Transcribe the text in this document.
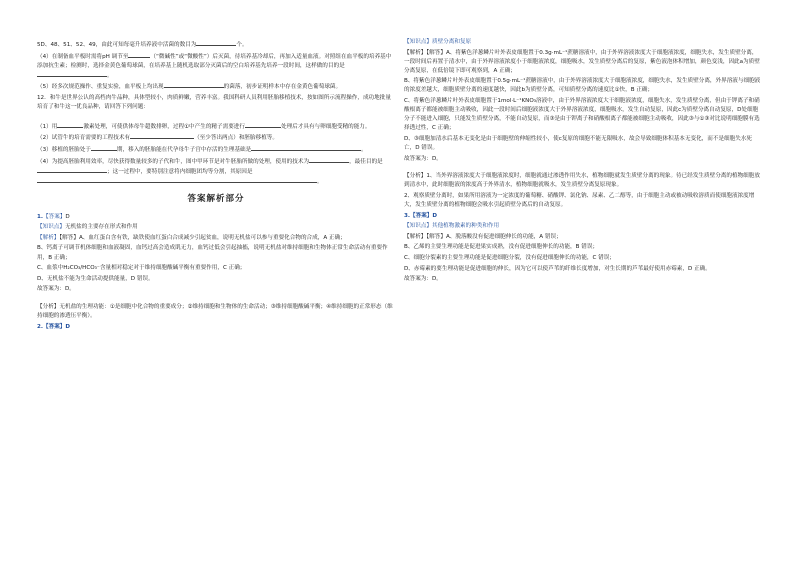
5D、48、51、52、49，由此可知每毫升培养液中活菌的数目为	个。

（4）在制备血平板时需将pH 调节至	（“微碱性”或“微酸性”）后灭菌，待培养基冷却后，再加入适量血液。对照组在血平板的培养基中添加抗生素；检测时，选择金黄色葡萄球菌，在培养基上随机选取部分灭菌后的空白培养基先培养一段时间，这样做的目的是。

（5）经多次规范操作、重复实验，血平板上均出现	的菌落，初步证明样本中存在金黄色葡萄球菌。

12．和牛是世界公认的高档肉牛品种，具体型较小，肉质鲜嫩，营养丰富。我国科研人员利用胚胎移植技术，按如图所示流程操作，成功地批量培育了和牛这一优良品种，请回答下列问题：

（1）用	激素处理，可使供体母牛超数排卵，过程①中产生的精子需要进行	处理后才具有与卵细胞受精的能力。

（2）试管牛的培育需要的工程技术有	（至少答出两点）和胚胎移植等。

（3）移植的胚胎处于	期，移入的胚胎能在代孕母牛子宫中存活的生理基础是	。

（4）为提高胚胎利用效率，尽快获得数量较多的子代和牛，图中甲环节是对牛胚胎所做的处理，使用的技术为	，最佳目的是；这一过程中，要特别注意将内细胞团均等分割，其原因是。

答案解析部分

1.【答案】D

【知识点】无机盐的主要存在形式和作用

【解析】【解答】A、血红蛋白含有铁，缺铁使血红蛋白合成减少引起贫血，说明无机盐可以参与重要化合物的合成，A 正确；

B、钙离子可调节机体细胞和血液凝固，血钙过高会造成肌无力，血钙过低会引起抽搐，说明无机盐对维持细胞和生物体正常生命活动有重要作用，B 正确；

C、血浆中H₂CO₃/HCO₃⁻含量相对稳定对于维持细胞酸碱平衡有重要作用，C 正确；

D、无机盐不能为生命活动提供能量，D 错误。

故答案为：D。

【分析】无机盐的生理功能：①是细胞中化合物的重要成分；②维持细胞和生物体的生命活动；③维持细胞酸碱平衡；④维持细胞的正常形态（维持细胞的渗透压平衡）。

2.【答案】D

【知识点】质壁分离和复原

【解析】【解答】A、将紫色洋葱鳞片叶外表皮细胞置于0.3g·mL⁻¹蔗糖溶液中，由于外界溶液浓度大于细胞液浓度，细胞失水，发生质壁分离，一段时间后再置于清水中，由于外界溶液浓度小于细胞液浓度，细胞吸水，发生质壁分离后的复原，紫色液泡体积增加，颜色变浅，因此a为质壁分离复原，在低倍镜下即可观察到，A 正确；

B、将紫色洋葱鳞片叶外表皮细胞置于0.5g·mL⁻¹蔗糖溶液中，由于外界溶液浓度大于细胞液浓度，细胞失水，发生质壁分离，外界溶液与细胞液的浓度差越大，细胞质壁分离的速度越快，因此b为质壁分离，可知质壁分离的速度比①快，B 正确；

C、将紫色洋葱鳞片叶外表皮细胞置于1mol·L⁻¹KNO₃溶液中，由于外界溶液浓度大于细胞液浓度，细胞失水，发生质壁分离，但由于钾离子和硝酸根离子都能被细胞主动吸收，因此一段时间后细胞液浓度大于外界溶液浓度，细胞吸水，发生自动复原，因此c为质壁分离自动复原，D处细胞分子不能进入细胞，只能发生质壁分离，不能自动复原，而③是由于钾离子和硝酸根离子都能被细胞主动吸收，因此③与①③对比说明细胞膜有选择透过性，C 正确；

D、③细胞加清水后基本无变化是由于细胞壁的伸缩性较小，使c复原的细胞不能无限吸水，故会导致细胞体积基本无变化，而不是细胞失水死亡，D 错误。

故答案为：D。

【分析】1、当外界溶液浓度大于细胞液浓度时，细胞就通过渗透作用失水，植物细胞就发生质壁分离的现象。待已经发生质壁分离的植物细胞放到清水中，此时细胞液的浓度高于外界清水，植物细胞就吸水，发生质壁分离复原现象。

2、观察质壁分离时，如果所用溶液为一定浓度的葡萄糖、硝酸钾、氯化钠、尿素、乙二醇等，由于细胞主动或被动吸收溶质而使细胞液浓度增大，发生质壁分离的植物细胞会吸水引起质壁分离后的自动复原。

3.【答案】D

【知识点】其他植物激素的种类和作用

【解析】【解答】A、脱落酸没有促进细胞伸长的功能，A 错误；

B、乙烯的主要生理功能是促进果实成熟，没有促进细胞伸长的功能，B 错误；

C、细胞分裂素的主要生理功能是促进细胞分裂，没有促进细胞伸长的功能，C 错误；

D、赤霉素的要生理功能是促进细胞的伸长，因为它可以使芦苇的纤维长度增加，对生长期的芦苇最好使用赤霉素，D 正确。

故答案为：D。
